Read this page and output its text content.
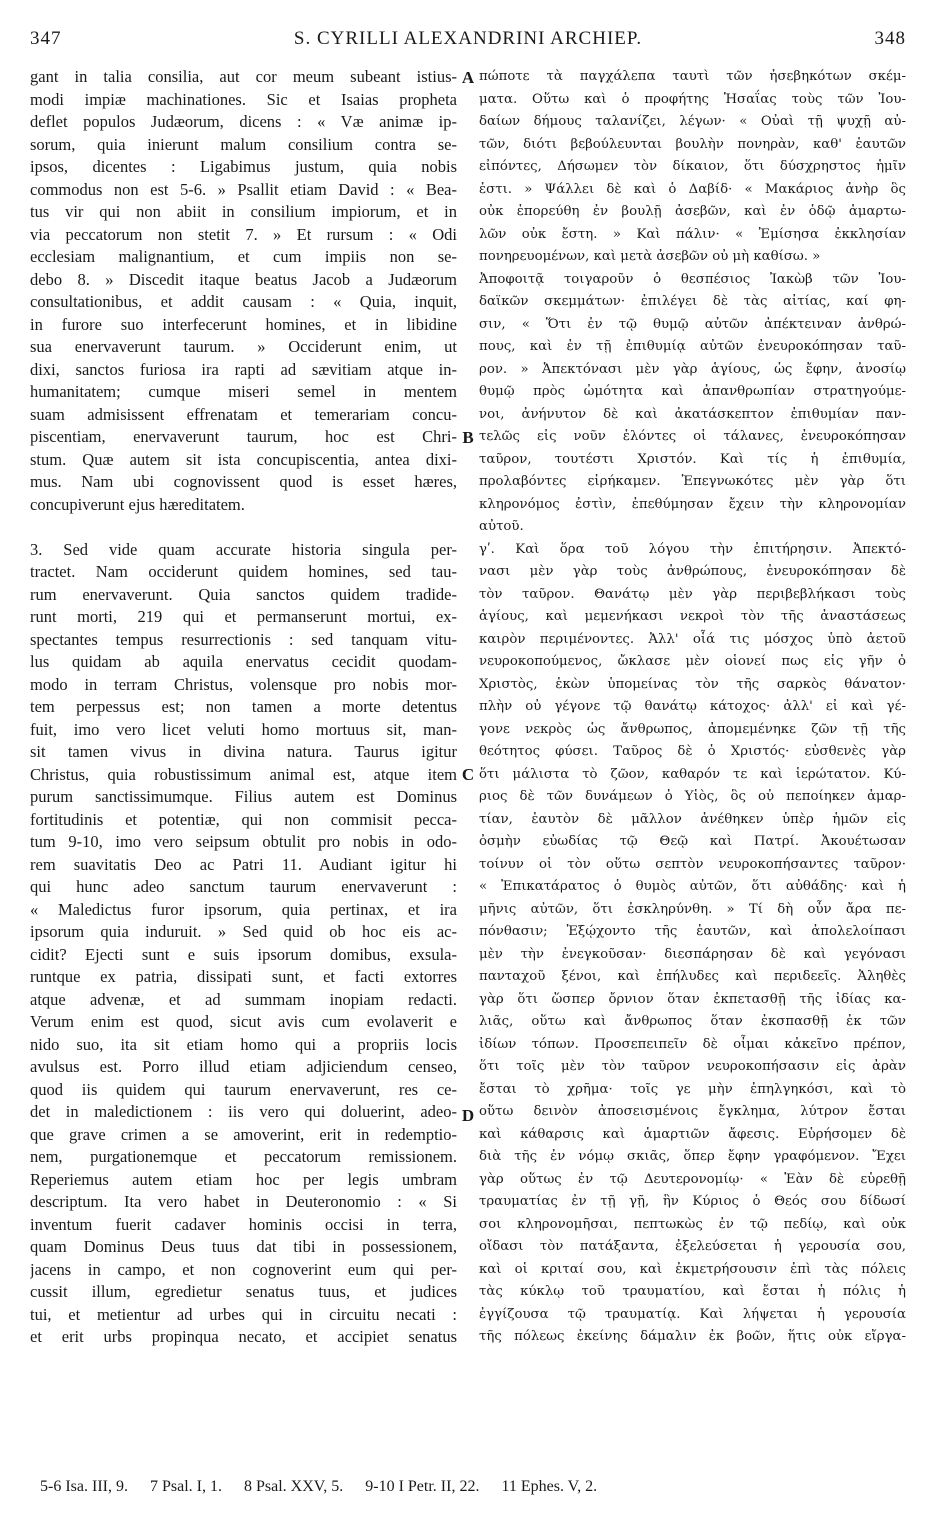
347	S. CYRILLI ALEXANDRINI ARCHIEP.	348
gant in talia consilia, aut cor meum subeant istius-
modi impiæ machinationes. Sic et Isaias propheta
deflet populos Judæorum, dicens : « Væ animæ ip-
sorum, quia inierunt malum consilium contra se-
ipsos, dicentes : Ligabimus justum, quia nobis
commodus non est 5-6. » Psallit etiam David : « Bea-
tus vir qui non abiit in consilium impiorum, et in
via peccatorum non stetit 7. » Et rursum : « Odi
ecclesiam malignantium, et cum impiis non se-
debo 8. » Discedit itaque beatus Jacob a Judæorum
consultationibus, et addit causam : « Quia, inquit,
in furore suo interfecerunt homines, et in libidine
sua enervaverunt taurum. » Occiderunt enim, ut
dixi, sanctos furiosa ira rapti ad sævitiam atque in-
humanitatem; cumque miseri semel in mentem
suam admisissent effrenatam et temerariam concu-
piscentiam, enervaverunt taurum, hoc est Chri-
stum. Quæ autem sit ista concupiscentia, antea dixi-
mus. Nam ubi cognovissent quod is esset hæres,
concupiverunt ejus hæreditatem.
3. Sed vide quam accurate historia singula per-
tractet. Nam occiderunt quidem homines, sed tau-
rum enervaverunt. Quia sanctos quidem tradide-
runt morti, 219 qui et permanserunt mortui, ex-
spectantes tempus resurrectionis : sed tanquam vitu-
lus quidam ab aquila enervatus cecidit quodam-
modo in terram Christus, volensque pro nobis mor-
tem perpessus est; non tamen a morte detentus
fuit, imo vero licet veluti homo mortuus sit, man-
sit tamen vivus in divina natura. Taurus igitur
Christus, quia robustissimum animal est, atque item
purum sanctissimumque. Filius autem est Dominus
fortitudinis et potentiæ, qui non commisit pecca-
tum 9-10, imo vero seipsum obtulit pro nobis in odo-
rem suavitatis Deo ac Patri 11. Audiant igitur hi
qui hunc adeo sanctum taurum enervaverunt :
« Maledictus furor ipsorum, quia pertinax, et ira
ipsorum quia induruit. » Sed quid ob hoc eis ac-
cidit? Ejecti sunt e suis ipsorum domibus, exsula-
runtque ex patria, dissipati sunt, et facti extorres
atque advenæ, et ad summam inopiam redacti.
Verum enim est quod, sicut avis cum evolaverit e
nido suo, ita sit etiam homo qui a propriis locis
avulsus est. Porro illud etiam adjiciendum censeo,
quod iis quidem qui taurum enervaverunt, res ce-
det in maledictionem : iis vero qui doluerint, adeo-
que grave crimen a se amoverint, erit in redemptio-
nem, purgationemque et peccatorum remissionem.
Reperiemus autem etiam hoc per legis umbram
descriptum. Ita vero habet in Deuteronomio : « Si
inventum fuerit cadaver hominis occisi in terra,
quam Dominus Deus tuus dat tibi in possessionem,
jacens in campo, et non cognoverint eum qui per-
cussit illum, egredietur senatus tuus, et judices
tui, et metientur ad urbes qui in circuitu necati :
et erit urbs propinqua necato, et accipiet senatus
πώποτε τὰ παγχάλεπα ταυτὶ τῶν ἠσεβηκότων σκέμ-
ματα. Οὕτω καὶ ὁ προφήτης Ἡσαΐας τοὺς τῶν Ἰου-
δαίων δήμους ταλανίζει, λέγων· « Οὐαὶ τῇ ψυχῇ αὐ-
τῶν, διότι βεβούλευνται βουλὴν πονηρὰν, καθ' ἑαυτῶν
εἰπόντες, Δήσωμεν τὸν δίκαιον, ὅτι δύσχρηστος ἡμῖν
ἐστι. » Ψάλλει δὲ καὶ ὁ Δαβίδ· « Μακάριος ἀνὴρ ὃς
οὐκ ἐπορεύθη ἐν βουλῇ ἀσεβῶν, καὶ ἐν ὁδῷ ἁμαρτω-
λῶν οὐκ ἔστη. » Καὶ πάλιν· « Ἐμίσησα ἐκκλησίαν
πονηρευομένων, καὶ μετὰ ἀσεβῶν οὐ μὴ καθίσω. »
Ἀποφοιτᾷ τοιγαροῦν ὁ θεσπέσιος Ἰακὼβ τῶν Ἰου-
δαϊκῶν σκεμμάτων· ἐπιλέγει δὲ τὰς αἰτίας, καί φη-
σιν, « Ὅτι ἐν τῷ θυμῷ αὐτῶν ἀπέκτειναν ἀνθρώ-
πους, καὶ ἐν τῇ ἐπιθυμίᾳ αὐτῶν ἐνευροκόπησαν ταῦ-
ρον. » Ἀπεκτόνασι μὲν γὰρ ἁγίους, ὡς ἔφην, ἀνοσίῳ
θυμῷ πρὸς ὠμότητα καὶ ἀπανθρωπίαν στρατηγούμε-
νοι, ἀνήνυτον δὲ καὶ ἀκατάσκεπτον ἐπιθυμίαν παν-
τελῶς εἰς νοῦν ἑλόντες οἱ τάλανες, ἐνευροκόπησαν
ταῦρον, τουτέστι Χριστόν. Καὶ τίς ἡ ἐπιθυμία,
προλαβόντες εἰρήκαμεν. Ἐπεγνωκότες μὲν γὰρ ὅτι
κληρονόμος ἐστὶν, ἐπεθύμησαν ἔχειν τὴν κληρονομίαν
αὐτοῦ.
γʹ. Καὶ ὅρα τοῦ λόγου τὴν ἐπιτήρησιν. Ἀπεκτό-
νασι μὲν γὰρ τοὺς ἀνθρώπους, ἐνευροκόπησαν δὲ
τὸν ταῦρον. Θανάτῳ μὲν γὰρ περιβεβλήκασι τοὺς
ἁγίους, καὶ μεμενήκασι νεκροὶ τὸν τῆς ἀναστάσεως
καιρὸν περιμένοντες. Ἀλλ' οἷά τις μόσχος ὑπὸ ἀετοῦ
νευροκοπούμενος, ὤκλασε μὲν οἱονεί πως εἰς γῆν ὁ
Χριστὸς, ἑκὼν ὑπομείνας τὸν τῆς σαρκὸς θάνατον·
πλὴν οὐ γέγονε τῷ θανάτῳ κάτοχος· ἀλλ' εἰ καὶ γέ-
γονε νεκρὸς ὡς ἄνθρωπος, ἀπομεμένηκε ζῶν τῇ τῆς
θεότητος φύσει. Ταῦρος δὲ ὁ Χριστός· εὐσθενὲς γὰρ
ὅτι μάλιστα τὸ ζῶον, καθαρόν τε καὶ ἱερώτατον. Κύ-
ριος δὲ τῶν δυνάμεων ὁ Υἱὸς, ὃς οὐ πεποίηκεν ἁμαρ-
τίαν, ἑαυτὸν δὲ μᾶλλον ἀνέθηκεν ὑπὲρ ἡμῶν εἰς
ὀσμὴν εὐωδίας τῷ Θεῷ καὶ Πατρί. Ἀκουέτωσαν
τοίνυν οἱ τὸν οὕτω σεπτὸν νευροκοπήσαντες ταῦρον·
« Ἐπικατάρατος ὁ θυμὸς αὐτῶν, ὅτι αὐθάδης· καὶ ἡ
μῆνις αὐτῶν, ὅτι ἐσκληρύνθη. » Τί δὴ οὖν ἄρα πε-
πόνθασιν; Ἐξῴχοντο τῆς ἑαυτῶν, καὶ ἀπολελοίπασι
μὲν τὴν ἐνεγκοῦσαν· διεσπάρησαν δὲ καὶ γεγόνασι
πανταχοῦ ξένοι, καὶ ἐπήλυδες καὶ περιδεεῖς. Ἀληθὲς
γὰρ ὅτι ὥσπερ ὄρνιον ὅταν ἐκπετασθῇ τῆς ἰδίας κα-
λιᾶς, οὕτω καὶ ἄνθρωπος ὅταν ἐκσπασθῇ ἐκ τῶν
ἰδίων τόπων. Προσεπειπεῖν δὲ οἶμαι κἀκεῖνο πρέπον,
ὅτι τοῖς μὲν τὸν ταῦρον νευροκοπήσασιν εἰς ἀρὰν
ἔσται τὸ χρῆμα· τοῖς γε μὴν ἐπηλγηκόσι, καὶ τὸ
οὕτω δεινὸν ἀποσεισμένοις ἔγκλημα, λύτρον ἔσται
καὶ κάθαρσις καὶ ἁμαρτιῶν ἄφεσις. Εὑρήσομεν δὲ
διὰ τῆς ἐν νόμῳ σκιᾶς, ὅπερ ἔφην γραφόμενον. Ἔχει
γὰρ οὕτως ἐν τῷ Δευτερονομίῳ· « Ἐὰν δὲ εὑρεθῇ
τραυματίας ἐν τῇ γῇ, ἣν Κύριος ὁ Θεός σου δίδωσί
σοι κληρονομῆσαι, πεπτωκὼς ἐν τῷ πεδίῳ, καὶ οὐκ
οἴδασι τὸν πατάξαντα, ἐξελεύσεται ἡ γερουσία σου,
καὶ οἱ κριταί σου, καὶ ἐκμετρήσουσιν ἐπὶ τὰς πόλεις
τὰς κύκλῳ τοῦ τραυματίου, καὶ ἔσται ἡ πόλις ἡ
ἐγγίζουσα τῷ τραυματίᾳ. Καὶ λήψεται ἡ γερουσία
τῆς πόλεως ἐκείνης δάμαλιν ἐκ βοῶν, ἥτις οὐκ εἴργα-
A
B
C
D
5-6 Isa. III, 9. 7 Psal. I, 1. 8 Psal. XXV, 5. 9-10 I Petr. II, 22. 11 Ephes. V, 2.
